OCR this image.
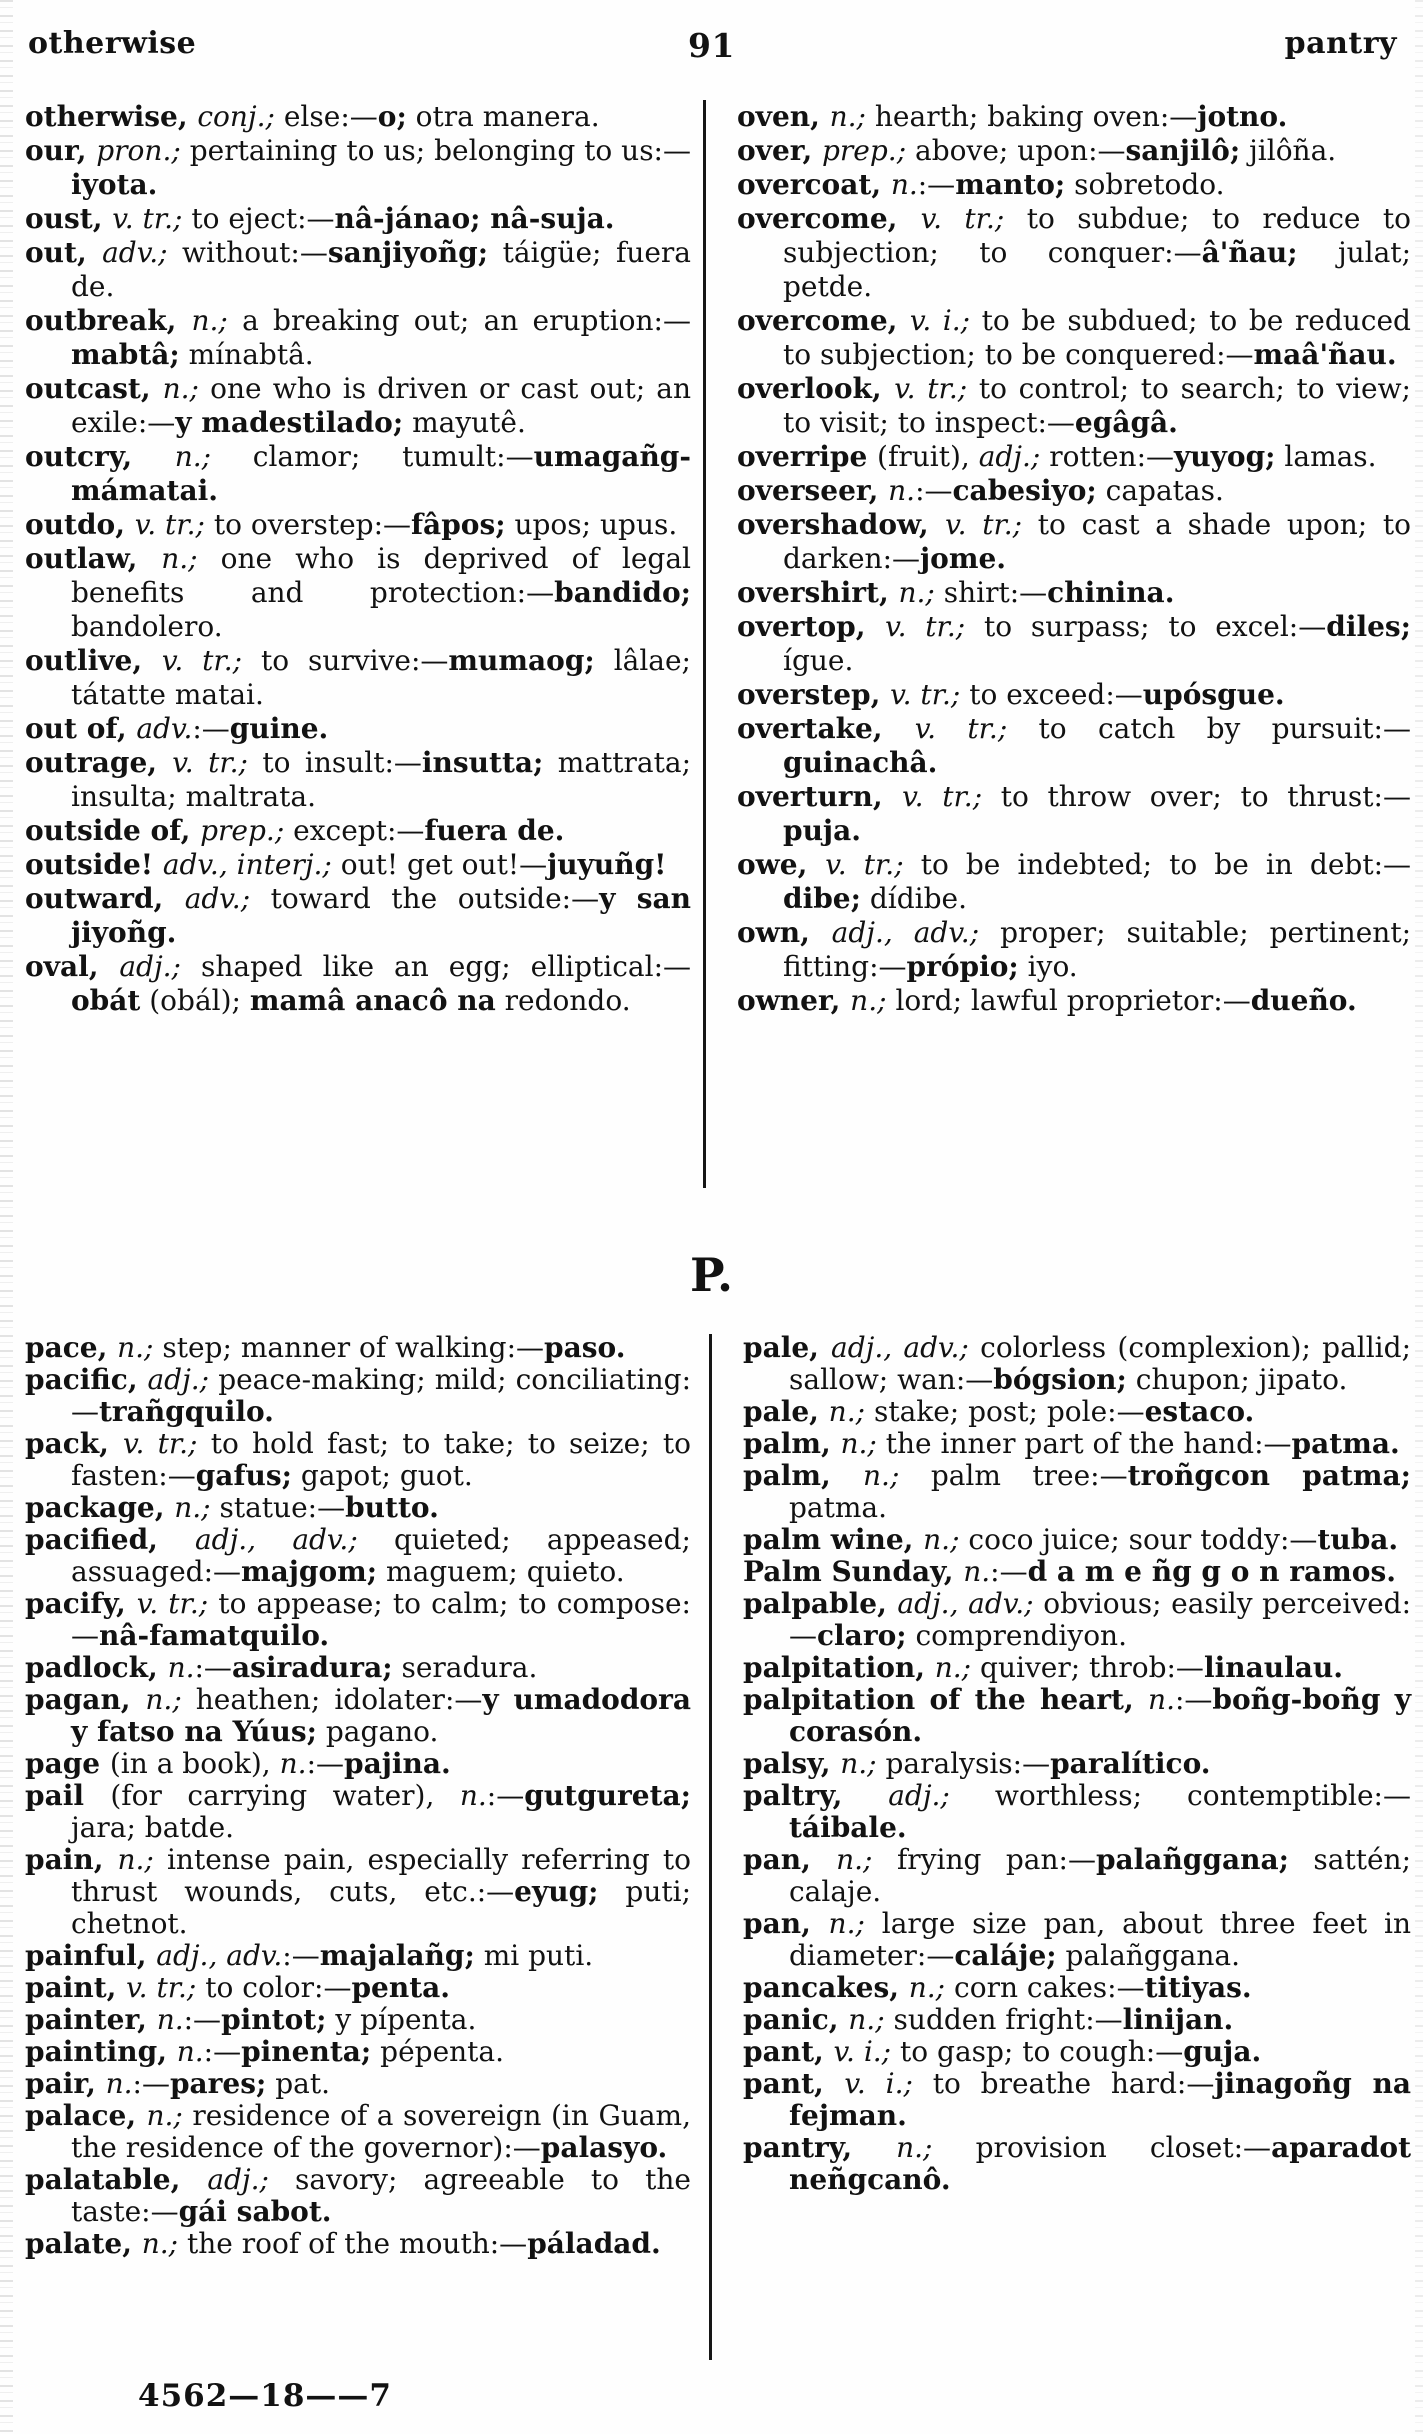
otherwise	91	pantry

otherwise, conj.; else:—o; otra manera.

our, pron.; pertaining to us; belonging to us:—iyota.

oust, v. tr.; to eject:—nâ-jánao; nâ-suja.

out, adv.; without:—sanjiyoñg; táigüe; fuera de.

outbreak, n.; a breaking out; an eruption:—mabtâ; mínabtâ.

outcast, n.; one who is driven or cast out; an exile:—y madestilado; mayutê.

outcry, n.; clamor; tumult:—umagañg-mámatai.

outdo, v. tr.; to overstep:—fâpos; upos; upus.

outlaw, n.; one who is deprived of legal benefits and protection:—bandido; bandolero.

outlive, v. tr.; to survive:—mumaog; lâlae; tátatte matai.

out of, adv.:—guine.

outrage, v. tr.; to insult:—insutta; mattrata; insulta; maltrata.

outside of, prep.; except:—fuera de.

outside! adv., interj.; out! get out!—juyuñg!

outward, adv.; toward the outside:—y san jiyoñg.

oval, adj.; shaped like an egg; elliptical:—obát (obál); mamâ anacô na redondo.

oven, n.; hearth; baking oven:—jotno.

over, prep.; above; upon:—sanjilô; jilôña.

overcoat, n.:—manto; sobretodo.

overcome, v. tr.; to subdue; to reduce to subjection; to conquer:—â'ñau; julat; petde.

overcome, v. i.; to be subdued; to be reduced to subjection; to be conquered:—maâ'ñau.

overlook, v. tr.; to control; to search; to view; to visit; to inspect:—egâgâ.

overripe (fruit), adj.; rotten:—yuyog; lamas.

overseer, n.:—cabesiyo; capatas.

overshadow, v. tr.; to cast a shade upon; to darken:—jome.

overshirt, n.; shirt:—chinina.

overtop, v. tr.; to surpass; to excel:—diles; ígue.

overstep, v. tr.; to exceed:—upósgue.

overtake, v. tr.; to catch by pursuit:—guinachâ.

overturn, v. tr.; to throw over; to thrust:—puja.

owe, v. tr.; to be indebted; to be in debt:—dibe; dídibe.

own, adj., adv.; proper; suitable; pertinent; fitting:—própio; iyo.

owner, n.; lord; lawful proprietor:—dueño.

P.

pace, n.; step; manner of walking:—paso.

pacific, adj.; peace-making; mild; conciliating:—trañgquilo.

pack, v. tr.; to hold fast; to take; to seize; to fasten:—gafus; gapot; guot.

package, n.; statue:—butto.

pacified, adj., adv.; quieted; appeased; assuaged:—majgom; maguem; quieto.

pacify, v. tr.; to appease; to calm; to compose:—nâ-famatquilo.

padlock, n.:—asiradura; seradura.

pagan, n.; heathen; idolater:—y umadodora y fatso na Yúus; pagano.

page (in a book), n.:—pajina.

pail (for carrying water), n.:—gutgureta; jara; batde.

pain, n.; intense pain, especially referring to thrust wounds, cuts, etc.:—eyug; puti; chetnot.

painful, adj., adv.:—majalañg; mi puti.

paint, v. tr.; to color:—penta.

painter, n.:—pintot; y pípenta.

painting, n.:—pinenta; pépenta.

pair, n.:—pares; pat.

palace, n.; residence of a sovereign (in Guam, the residence of the governor):—palasyo.

palatable, adj.; savory; agreeable to the taste:—gái sabot.

palate, n.; the roof of the mouth:—páladad.

pale, adj., adv.; colorless (complexion); pallid; sallow; wan:—bógsion; chupon; jipato.

pale, n.; stake; post; pole:—estaco.

palm, n.; the inner part of the hand:—patma.

palm, n.; palm tree:—troñgcon patma; patma.

palm wine, n.; coco juice; sour toddy:—tuba.

Palm Sunday, n.:—d a m e ñg g o n ramos.

palpable, adj., adv.; obvious; easily perceived:—claro; comprendiyon.

palpitation, n.; quiver; throb:—linaulau.

palpitation of the heart, n.:—boñg-boñg y corasón.

palsy, n.; paralysis:—paralítico.

paltry, adj.; worthless; contemptible:—táibale.

pan, n.; frying pan:—palañggana; sattén; calaje.

pan, n.; large size pan, about three feet in diameter:—caláje; palañggana.

pancakes, n.; corn cakes:—titiyas.

panic, n.; sudden fright:—linijan.

pant, v. i.; to gasp; to cough:—guja.

pant, v. i.; to breathe hard:—jinagoñg na fejman.

pantry, n.; provision closet:—aparadot neñgcanô.

4562—18——7
